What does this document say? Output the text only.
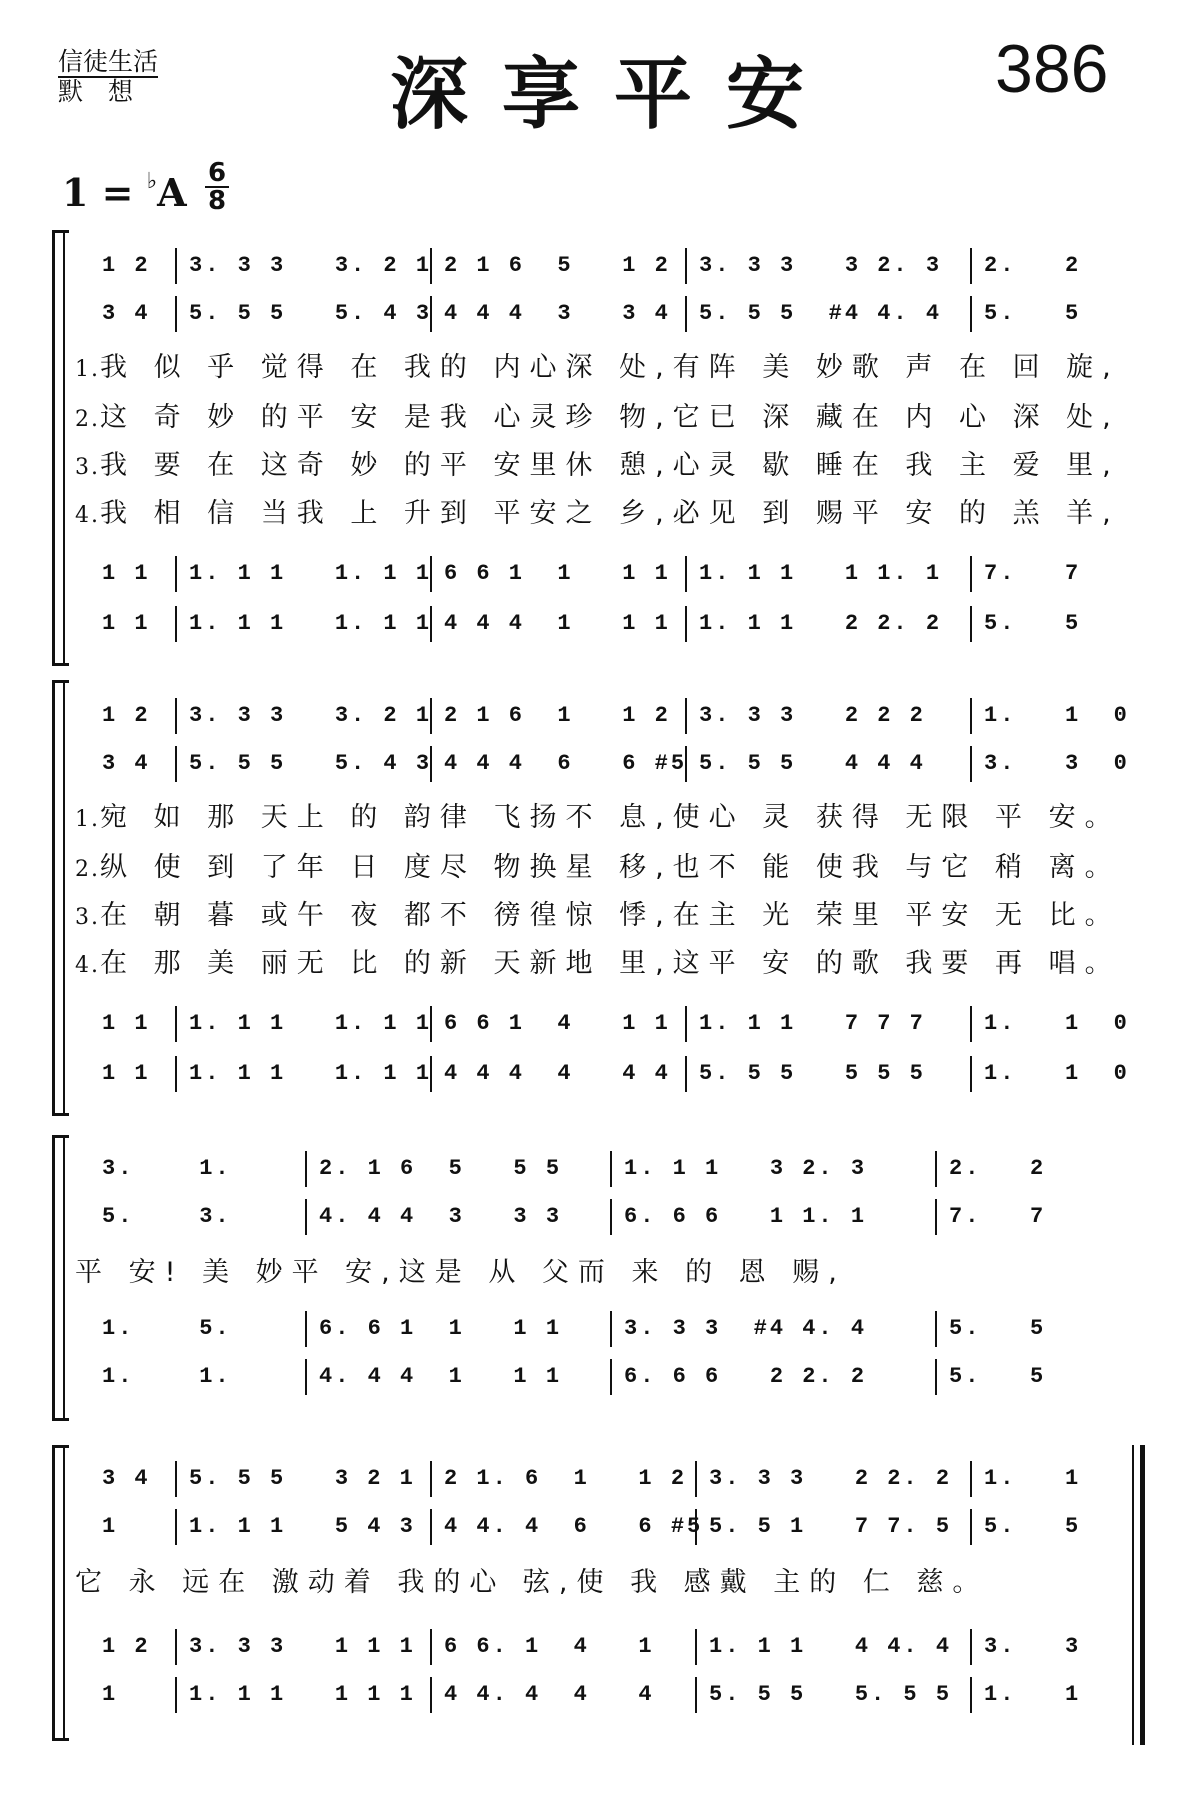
信徒生活
默　想	深享平安 386
$1 = ^♭A \frac{6}{8}$
1 2 3. 3 3   3. 2 1 2 1 6  5   1 2 3. 3 3   3 2. 3 2.   2
3 4 5. 5 5   5. 4 3 4 4 4  3   3 4 5. 5 5  #4 4. 4 5.   5
1.我 似 乎 觉得 在 我的 内心深 处,有阵 美 妙歌 声 在 回 旋,
2.这 奇 妙 的平 安 是我 心灵珍 物,它已 深 藏在 内 心 深 处,
3.我 要 在 这奇 妙 的平 安里休 憩,心灵 歇 睡在 我 主 爱 里,
4.我 相 信 当我 上 升到 平安之 乡,必见 到 赐平 安 的 羔 羊,
1 1 1. 1 1   1. 1 1 6 6 1  1   1 1 1. 1 1   1 1. 1 7.   7
1 1 1. 1 1   1. 1 1 4 4 4  1   1 1 1. 1 1   2 2. 2 5.   5
1 2 3. 3 3   3. 2 1 2 1 6  1   1 2 3. 3 3   2 2 2	1.   1  0
3 4 5. 5 5   5. 4 3 4 4 4  6   6 #5 5. 5 5   4 4 4	3.   3  0
1.宛 如 那 天上 的 韵律 飞扬不 息,使心 灵 获得 无限 平 安。
2.纵 使 到 了年 日 度尽 物换星 移,也不 能 使我 与它 稍 离。
3.在 朝 暮 或午 夜 都不 徬徨惊 悸,在主 光 荣里 平安 无 比。
4.在 那 美 丽无 比 的新 天新地 里,这平 安 的歌 我要 再 唱。
1 1 1. 1 1   1. 1 1 6 6 1  4   1 1 1. 1 1   7 7 7	1.   1  0
1 1 1. 1 1   1. 1 1 4 4 4  4   4 4 5. 5 5   5 5 5	1.   1  0
3.    1.	2. 1 6  5   5 5	1. 1 1   3 2. 3	2.   2
5.    3.	4. 4 4  3   3 3	6. 6 6   1 1. 1	7.   7
平 安! 美 妙平 安,这是 从 父而 来 的 恩 赐,
1.    5.	6. 6 1  1   1 1	3. 3 3  #4 4. 4	5.   5
1.    1.	4. 4 4  1   1 1	6. 6 6   2 2. 2	5.   5
3 4 5. 5 5   3 2 1 2 1. 6  1   1 2 3. 3 3   2 2. 2 1.   1
1	1. 1 1   5 4 3 4 4. 4  6   6 #5 5. 5 1   7 7. 5 5.   5
它 永 远在 激动着 我的心 弦,使 我 感戴 主的 仁 慈。
1 2 3. 3 3   1 1 1 6 6. 1  4   1 1. 1 1   4 4. 4 3.   3
1	1. 1 1   1 1 1 4 4. 4  4   4 5. 5 5   5. 5 5 1.   1
